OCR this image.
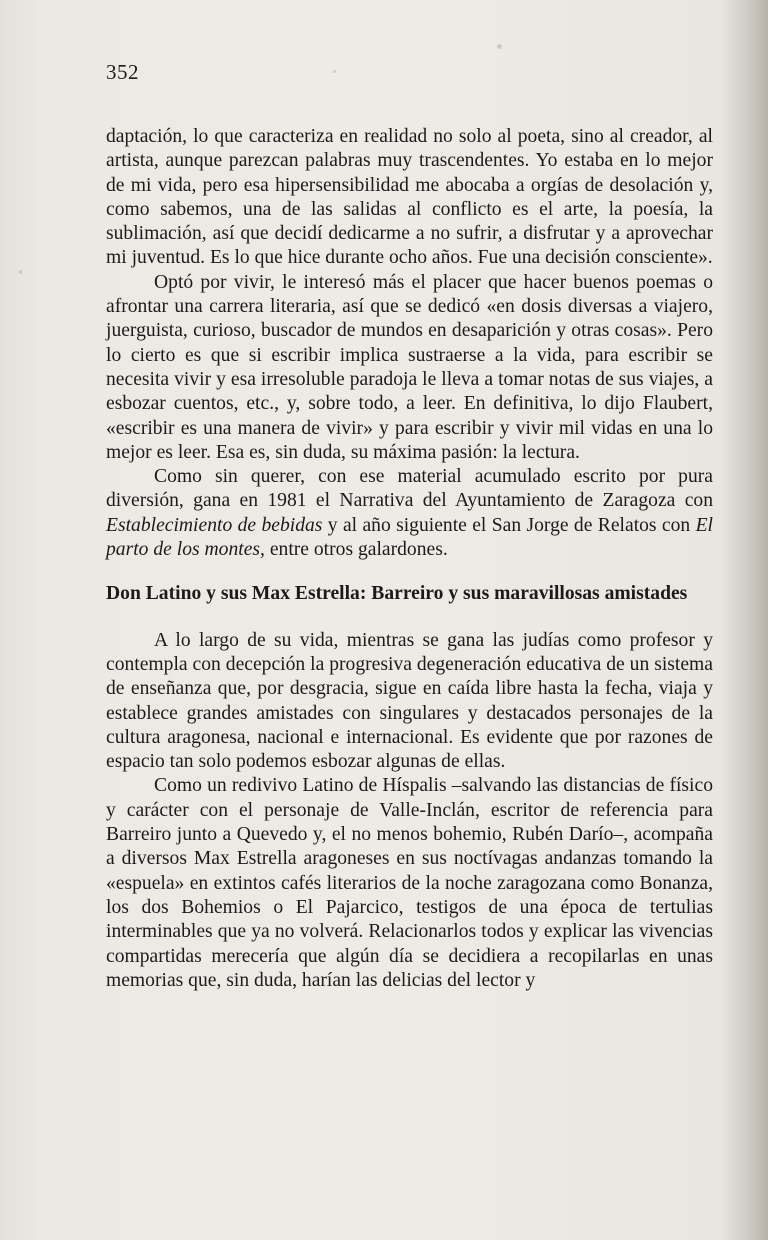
352

daptación, lo que caracteriza en realidad no solo al poeta, sino al creador, al artista, aunque parezcan palabras muy trascendentes. Yo estaba en lo mejor de mi vida, pero esa hipersensibilidad me abocaba a orgías de desolación y, como sabemos, una de las salidas al conflicto es el arte, la poesía, la sublimación, así que decidí dedicarme a no sufrir, a disfrutar y a aprovechar mi juventud. Es lo que hice durante ocho años. Fue una decisión consciente».

Optó por vivir, le interesó más el placer que hacer buenos poemas o afrontar una carrera literaria, así que se dedicó «en dosis diversas a viajero, juerguista, curioso, buscador de mundos en desaparición y otras cosas». Pero lo cierto es que si escribir implica sustraerse a la vida, para escribir se necesita vivir y esa irresoluble paradoja le lleva a tomar notas de sus viajes, a esbozar cuentos, etc., y, sobre todo, a leer. En definitiva, lo dijo Flaubert, «escribir es una manera de vivir» y para escribir y vivir mil vidas en una lo mejor es leer. Esa es, sin duda, su máxima pasión: la lectura.

Como sin querer, con ese material acumulado escrito por pura diversión, gana en 1981 el Narrativa del Ayuntamiento de Zaragoza con Establecimiento de bebidas y al año siguiente el San Jorge de Relatos con El parto de los montes, entre otros galardones.

Don Latino y sus Max Estrella: Barreiro y sus maravillosas amistades

A lo largo de su vida, mientras se gana las judías como profesor y contempla con decepción la progresiva degeneración educativa de un sistema de enseñanza que, por desgracia, sigue en caída libre hasta la fecha, viaja y establece grandes amistades con singulares y destacados personajes de la cultura aragonesa, nacional e internacional. Es evidente que por razones de espacio tan solo podemos esbozar algunas de ellas.

Como un redivivo Latino de Híspalis –salvando las distancias de físico y carácter con el personaje de Valle-Inclán, escritor de referencia para Barreiro junto a Quevedo y, el no menos bohemio, Rubén Darío–, acompaña a diversos Max Estrella aragoneses en sus noctívagas andanzas tomando la «espuela» en extintos cafés literarios de la noche zaragozana como Bonanza, los dos Bohemios o El Pajarcico, testigos de una época de tertulias interminables que ya no volverá. Relacionarlos todos y explicar las vivencias compartidas merecería que algún día se decidiera a recopilarlas en unas memorias que, sin duda, harían las delicias del lector y
